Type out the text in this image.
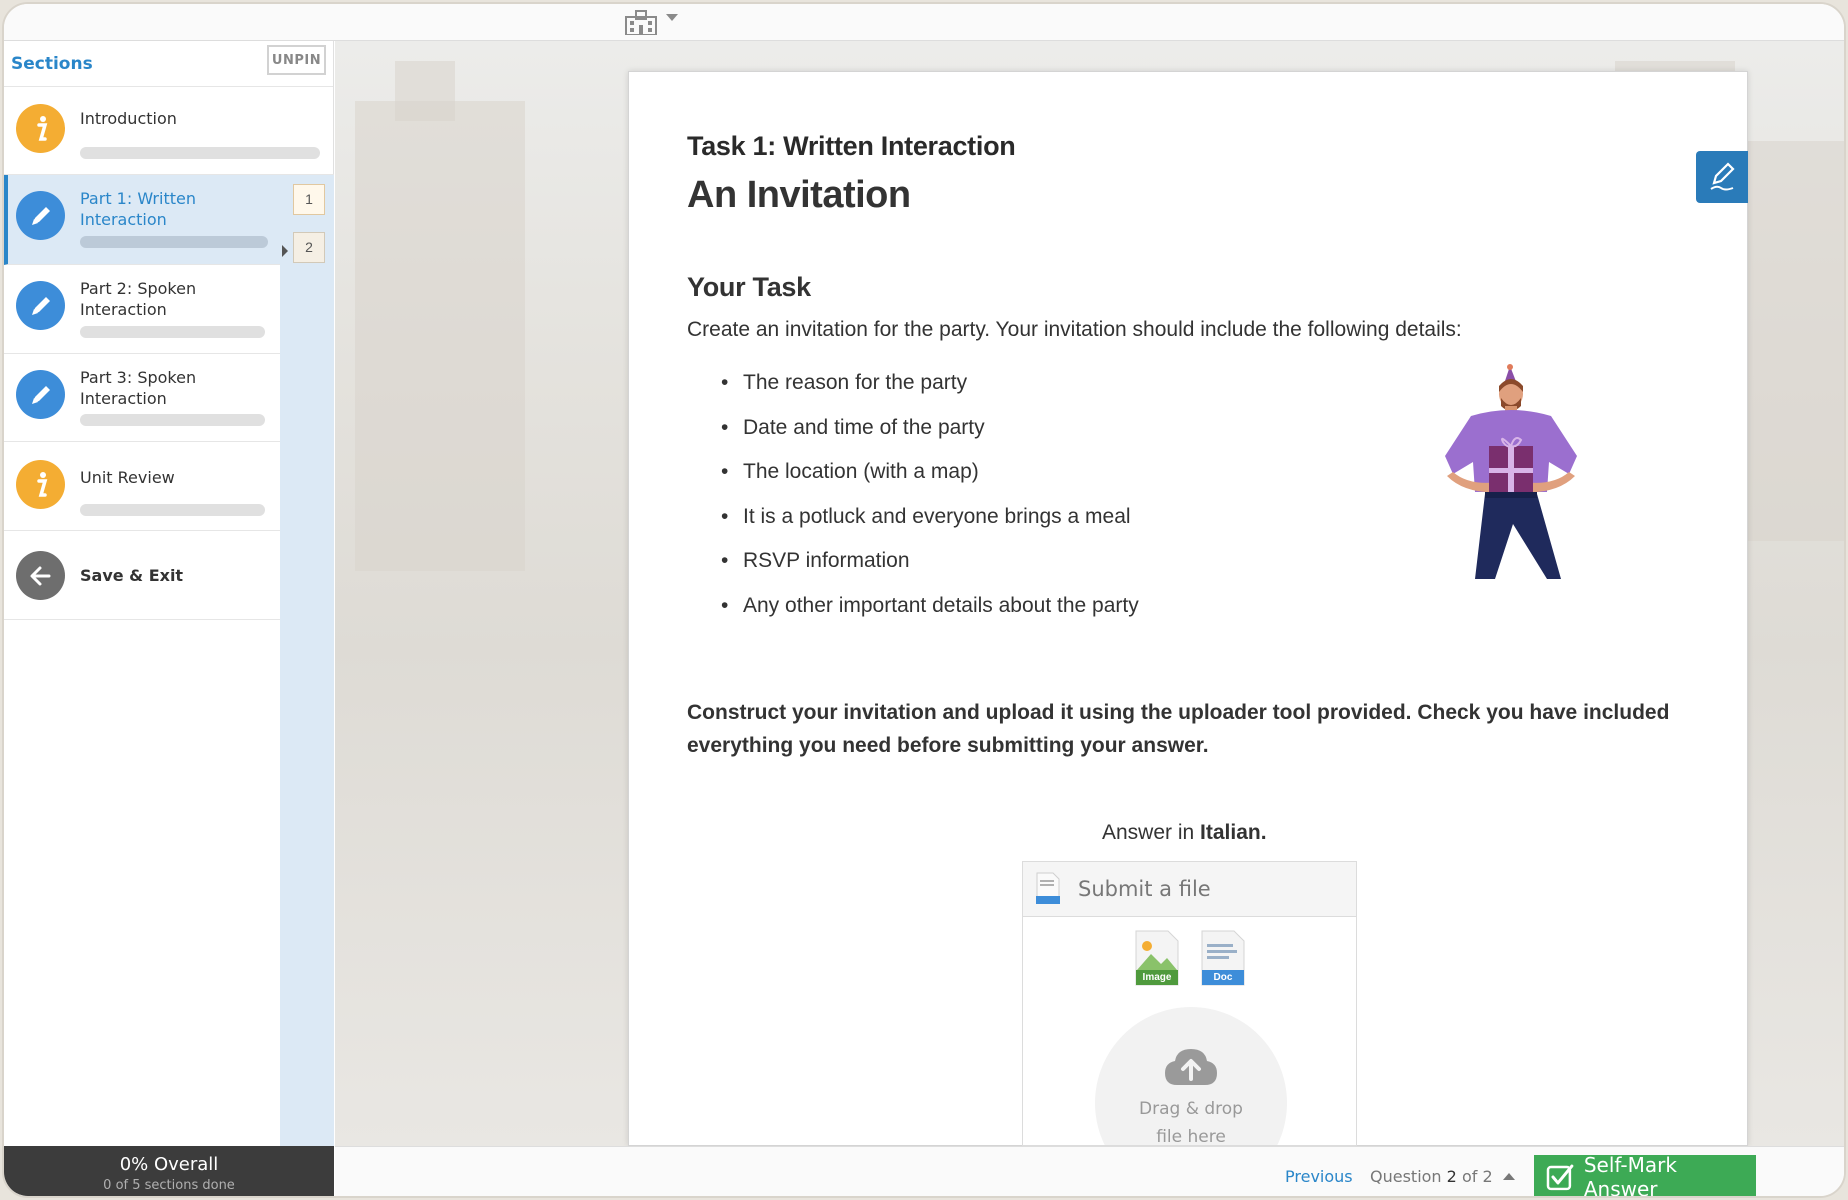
Sections	UNPIN
Introduction
Part 1: Written Interaction
1
2
Part 2: Spoken Interaction
Part 3: Spoken Interaction
Unit Review
Save & Exit
0% Overall
0 of 5 sections done
Task 1: Written Interaction
An Invitation
Your Task
Create an invitation for the party. Your invitation should include the following details:
• The reason for the party
• Date and time of the party
• The location (with a map)
• It is a potluck and everyone brings a meal
• RSVP information
• Any other important details about the party
Construct your invitation and upload it using the uploader tool provided. Check you have included everything you need before submitting your answer.
Answer in Italian.
Submit a file
Image	Doc
Drag & drop
file here
Previous Question 2 of 2	Self-Mark Answer
